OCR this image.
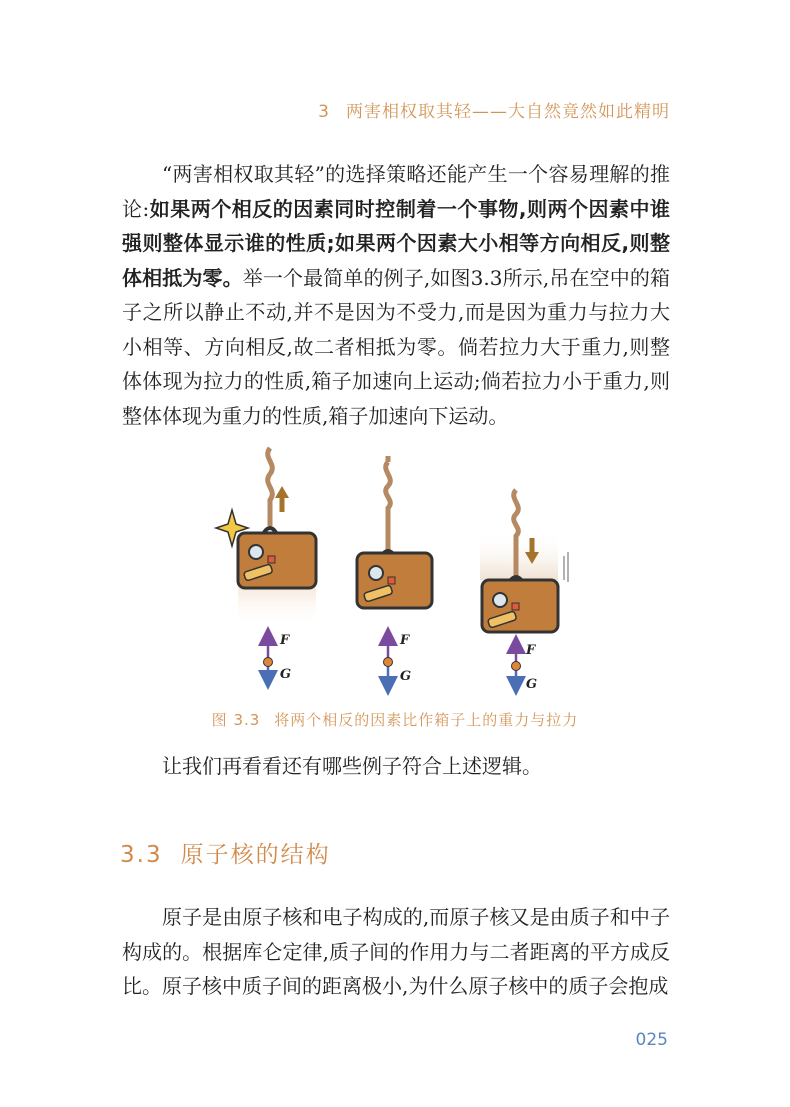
3 两害相权取其轻——大自然竟然如此精明

“两害相权取其轻”的选择策略还能产生一个容易理解的推论:如果两个相反的因素同时控制着一个事物,则两个因素中谁强则整体显示谁的性质;如果两个因素大小相等方向相反,则整体相抵为零。举一个最简单的例子,如图3.3所示,吊在空中的箱子之所以静止不动,并不是因为不受力,而是因为重力与拉力大小相等、方向相反,故二者相抵为零。倘若拉力大于重力,则整体体现为拉力的性质,箱子加速向上运动;倘若拉力小于重力,则整体体现为重力的性质,箱子加速向下运动。

F
G
F
G
F
G
图 3.3 将两个相反的因素比作箱子上的重力与拉力

让我们再看看还有哪些例子符合上述逻辑。

3.3 原子核的结构

原子是由原子核和电子构成的,而原子核又是由质子和中子构成的。根据库仑定律,质子间的作用力与二者距离的平方成反比。原子核中质子间的距离极小,为什么原子核中的质子会抱成

025
